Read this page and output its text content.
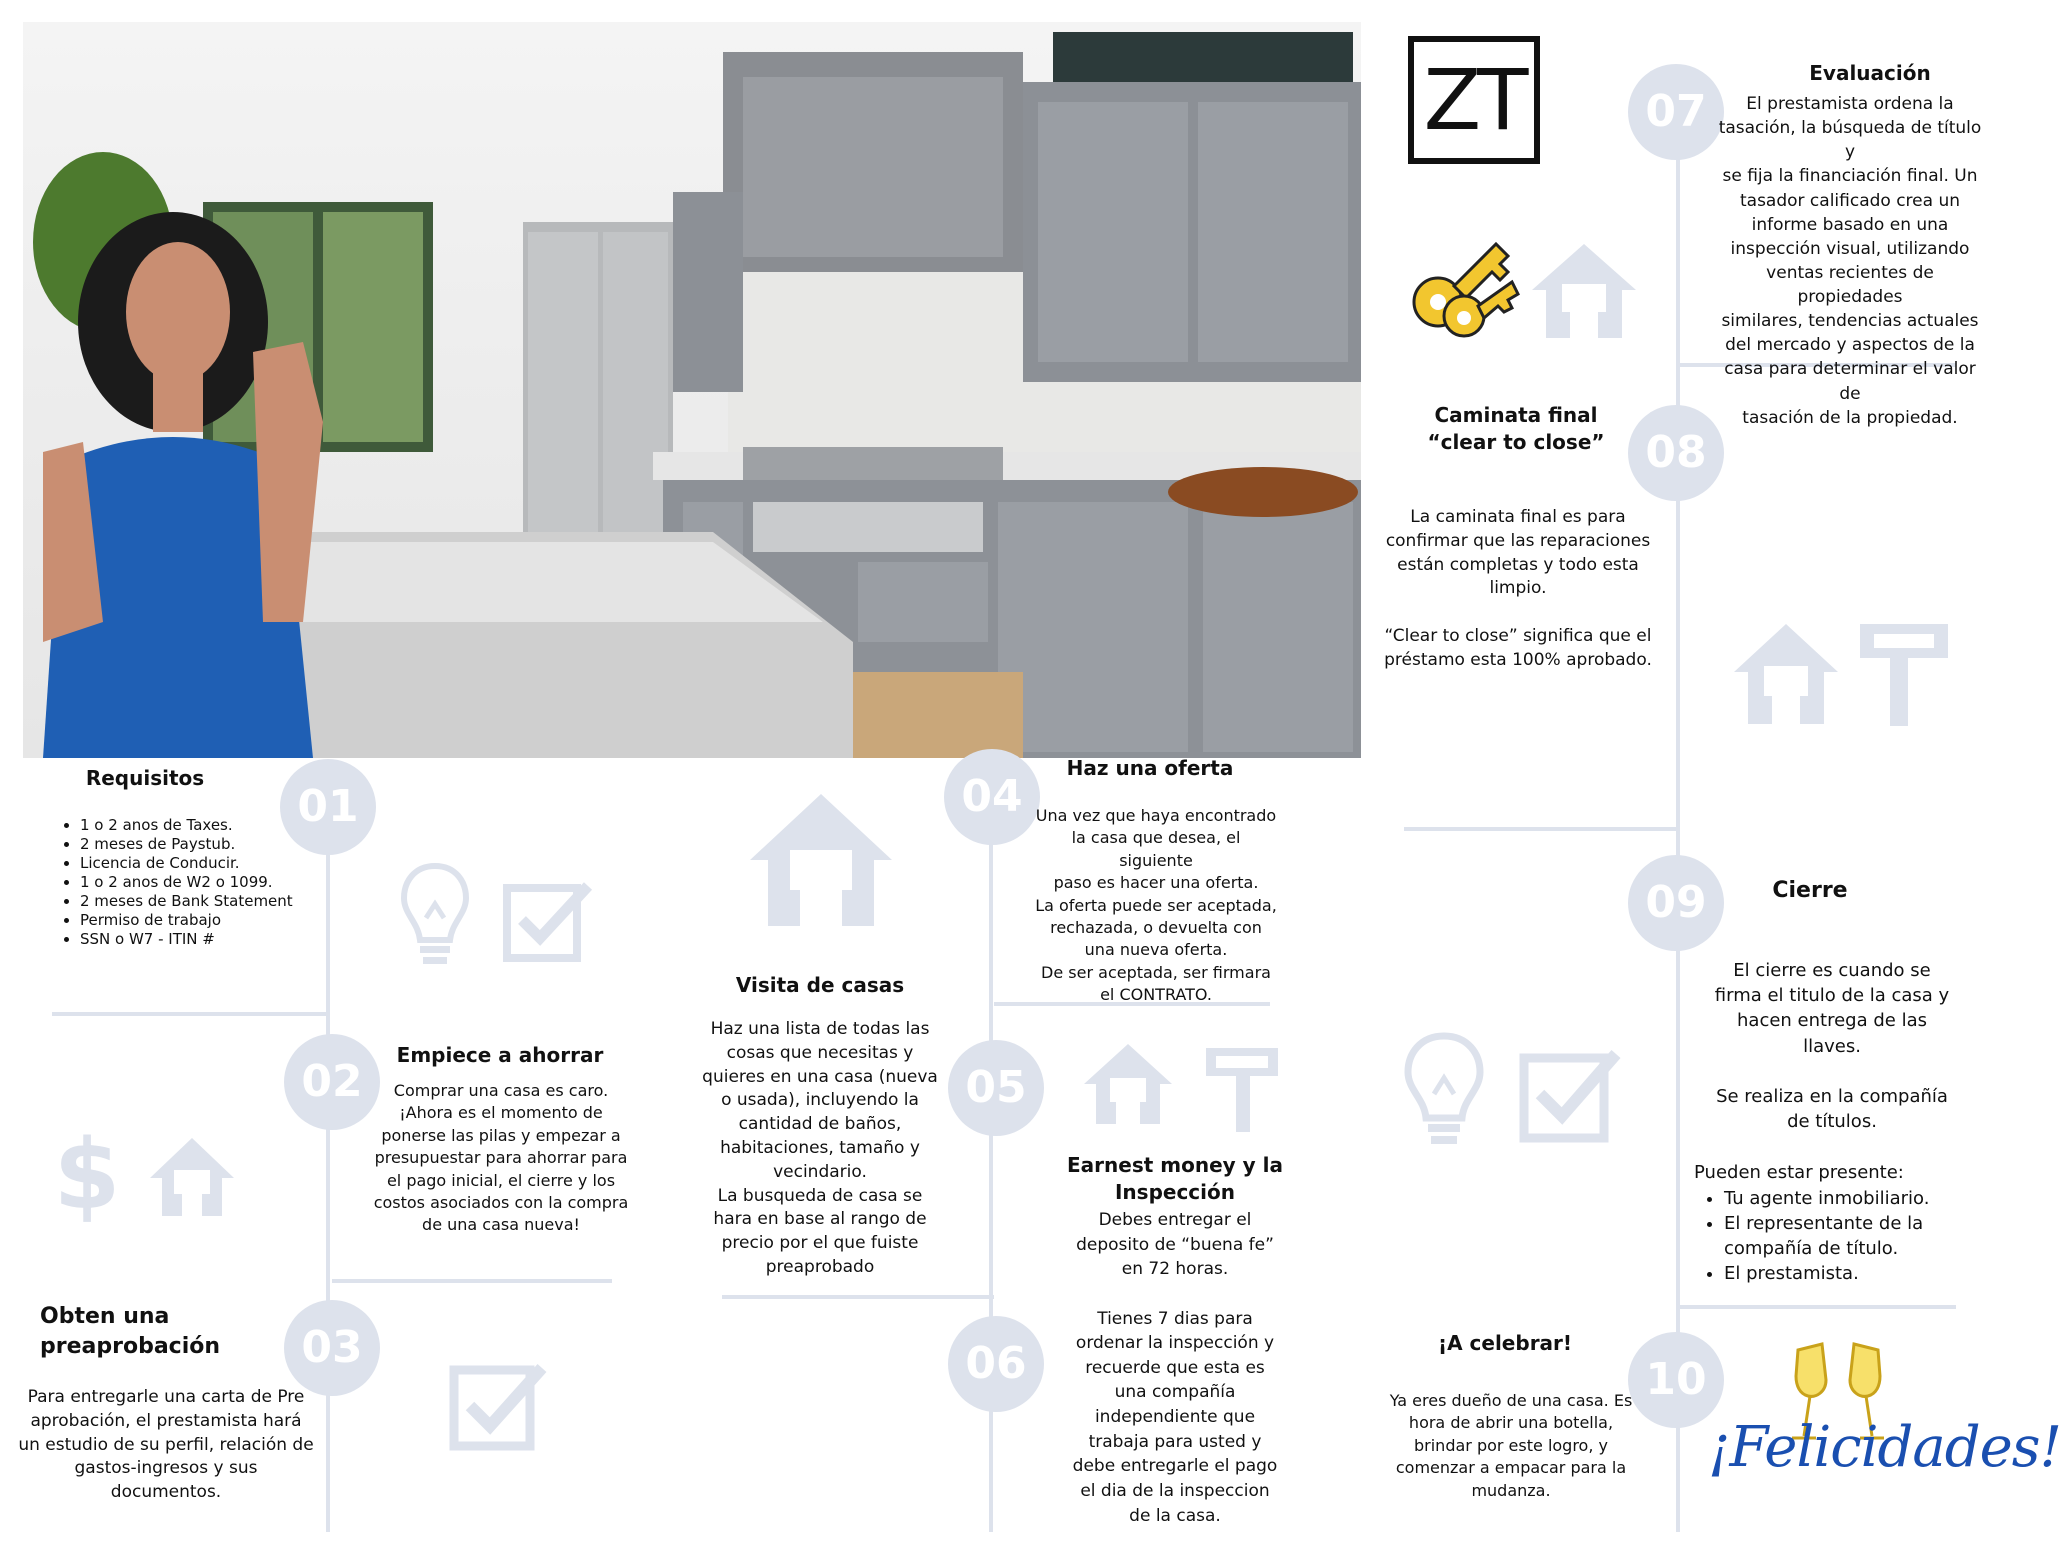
ZT
01
Requisitos
• 1 o 2 anos de Taxes.
• 2 meses de Paystub.
• Licencia de Conducir.
• 1 o 2 anos de W2 o 1099.
• 2 meses de Bank Statement
• Permiso de trabajo
• SSN o W7 - ITIN #
02
Empiece a ahorrar
Comprar una casa es caro.
¡Ahora es el momento de
ponerse las pilas y empezar a
presupuestar para ahorrar para
el pago inicial, el cierre y los
costos asociados con la compra
de una casa nueva!
$
03
Obten una
preaprobación
Para entregarle una carta de Pre
aprobación, el prestamista hará
un estudio de su perfil, relación de
gastos-ingresos y sus
documentos.
Visita de casas
Haz una lista de todas las
cosas que necesitas y
quieres en una casa (nueva
o usada), incluyendo la
cantidad de baños,
habitaciones, tamaño y
vecindario.
La busqueda de casa se
hara en base al rango de
precio por el que fuiste
preaprobado
04
Haz una oferta
Una vez que haya encontrado
la casa que desea, el siguiente
paso es hacer una oferta.
La oferta puede ser aceptada,
rechazada, o devuelta con
una nueva oferta.
De ser aceptada, ser firmara
el CONTRATO.
05
Earnest money y la
Inspección
Debes entregar el
deposito de “buena fe”
en 72 horas.

Tienes 7 dias para
ordenar la inspección y
recuerde que esta es
una compañía
independiente que
trabaja para usted y
debe entregarle el pago
el dia de la inspeccion
de la casa.
06
07
Evaluación
El prestamista ordena la
tasación, la búsqueda de título y
se fija la financiación final. Un
tasador calificado crea un
informe basado en una
inspección visual, utilizando
ventas recientes de propiedades
similares, tendencias actuales
del mercado y aspectos de la
casa para determinar el valor de
tasación de la propiedad.
08
Caminata final
“clear to close”
La caminata final es para
confirmar que las reparaciones
están completas y todo esta
limpio.

“Clear to close” significa que el
préstamo esta 100% aprobado.
09	Cierre
El cierre es cuando se
firma el titulo de la casa y
hacen entrega de las
llaves.

Se realiza en la compañía
de títulos.
Pueden estar presente:
• Tu agente inmobiliario.
• El representante de la compañía de título.
• El prestamista.
10
¡A celebrar!
Ya eres dueño de una casa. Es
hora de abrir una botella,
brindar por este logro, y
comenzar a empacar para la
mudanza.
¡Felicidades!
